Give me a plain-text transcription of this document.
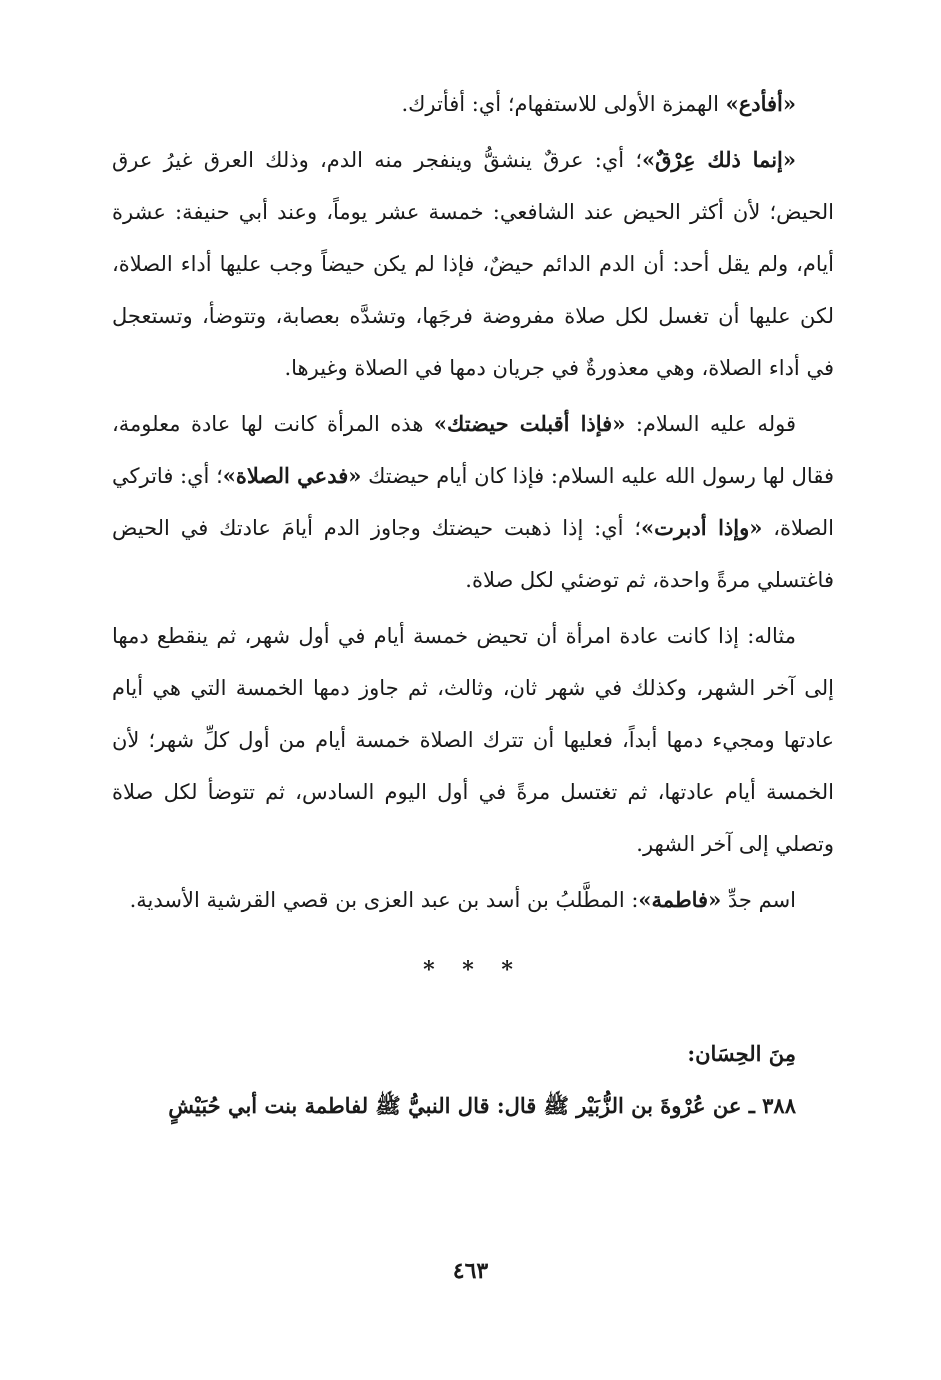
«أفأدع» الهمزة الأولى للاستفهام؛ أي: أفأترك.

«إنما ذلك عِرْقٌ»؛ أي: عرقٌ ينشقُّ وينفجر منه الدم، وذلك العرق غيرُ عرق الحيض؛ لأن أكثر الحيض عند الشافعي: خمسة عشر يوماً، وعند أبي حنيفة: عشرة أيام، ولم يقل أحد: أن الدم الدائم حيضٌ، فإذا لم يكن حيضاً وجب عليها أداء الصلاة، لكن عليها أن تغسل لكل صلاة مفروضة فرجَها، وتشدَّه بعصابة، وتتوضأ، وتستعجل في أداء الصلاة، وهي معذورةٌ في جريان دمها في الصلاة وغيرها.

قوله عليه السلام: «فإذا أقبلت حيضتك» هذه المرأة كانت لها عادة معلومة، فقال لها رسول الله عليه السلام: فإذا كان أيام حيضتك «فدعي الصلاة»؛ أي: فاتركي الصلاة، «وإذا أدبرت»؛ أي: إذا ذهبت حيضتك وجاوز الدم أيامَ عادتك في الحيض فاغتسلي مرةً واحدة، ثم توضئي لكل صلاة.

مثاله: إذا كانت عادة امرأة أن تحيض خمسة أيام في أول شهر، ثم ينقطع دمها إلى آخر الشهر، وكذلك في شهر ثان، وثالث، ثم جاوز دمها الخمسة التي هي أيام عادتها ومجيء دمها أبداً، فعليها أن تترك الصلاة خمسة أيام من أول كلِّ شهر؛ لأن الخمسة أيام عادتها، ثم تغتسل مرةً في أول اليوم السادس، ثم تتوضأ لكل صلاة وتصلي إلى آخر الشهر.

اسم جدِّ «فاطمة»: المطَّلبُ بن أسد بن عبد العزى بن قصي القرشية الأسدية.

* * *

مِنَ الحِسَان:

٣٨٨ ـ عن عُرْوةَ بن الزُّبَيْر ﷺ قال: قال النبيُّ ﷺ لفاطمة بنت أبي حُبَيْشٍ

٤٦٣
